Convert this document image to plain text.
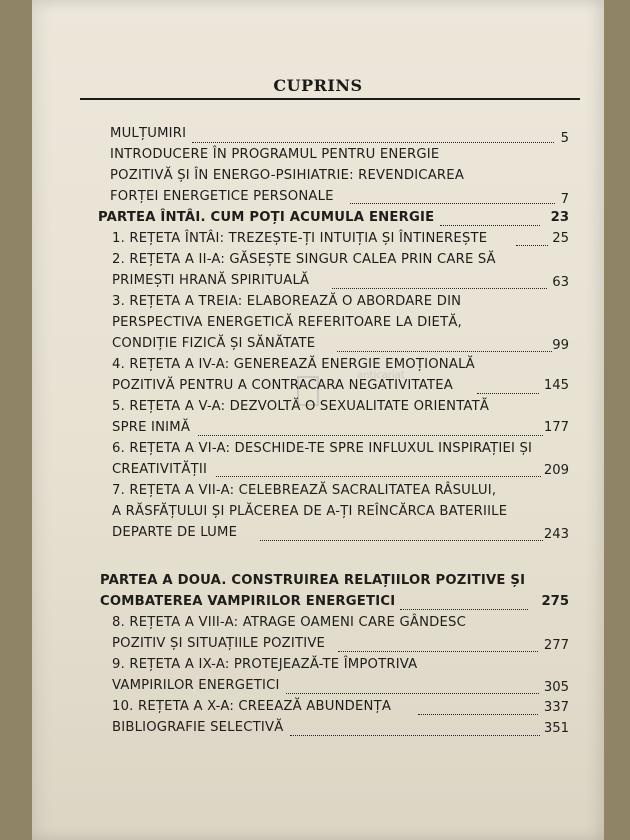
CUPRINS
anticariat
MULȚUMIRI	5
INTRODUCERE ÎN PROGRAMUL PENTRU ENERGIE
POZITIVĂ ȘI ÎN ENERGO-PSIHIATRIE: REVENDICAREA
FORȚEI ENERGETICE PERSONALE	7
PARTEA ÎNTÂI. CUM POȚI ACUMULA ENERGIE	23
1. REȚETA ÎNTÂI: TREZEȘTE-ȚI INTUIȚIA ȘI ÎNTINEREȘTE	25
2. REȚETA A II-A: GĂSEȘTE SINGUR CALEA PRIN CARE SĂ
PRIMEȘTI HRANĂ SPIRITUALĂ	63
3. REȚETA A TREIA: ELABOREAZĂ O ABORDARE DIN
PERSPECTIVA ENERGETICĂ REFERITOARE LA DIETĂ,
CONDIȚIE FIZICĂ ȘI SĂNĂTATE	99
4. REȚETA A IV-A: GENEREAZĂ ENERGIE EMOȚIONALĂ
POZITIVĂ PENTRU A CONTRACARA NEGATIVITATEA	145
5. REȚETA A V-A: DEZVOLTĂ O SEXUALITATE ORIENTATĂ
SPRE INIMĂ	177
6. REȚETA A VI-A: DESCHIDE-TE SPRE INFLUXUL INSPIRAȚIEI ȘI
CREATIVITĂȚII	209
7. REȚETA A VII-A: CELEBREAZĂ SACRALITATEA RÂSULUI,
A RĂSFĂȚULUI ȘI PLĂCEREA DE A-ȚI REÎNCĂRCA BATERIILE
DEPARTE DE LUME	243
PARTEA A DOUA. CONSTRUIREA RELAȚIILOR POZITIVE ȘI
COMBATEREA VAMPIRILOR ENERGETICI	275
8. REȚETA A VIII-A: ATRAGE OAMENI CARE GÂNDESC
POZITIV ȘI SITUAȚIILE POZITIVE	277
9. REȚETA A IX-A: PROTEJEAZĂ-TE ÎMPOTRIVA
VAMPIRILOR ENERGETICI	305
10. REȚETA A X-A: CREEAZĂ ABUNDENȚA	337
BIBLIOGRAFIE SELECTIVĂ	351
